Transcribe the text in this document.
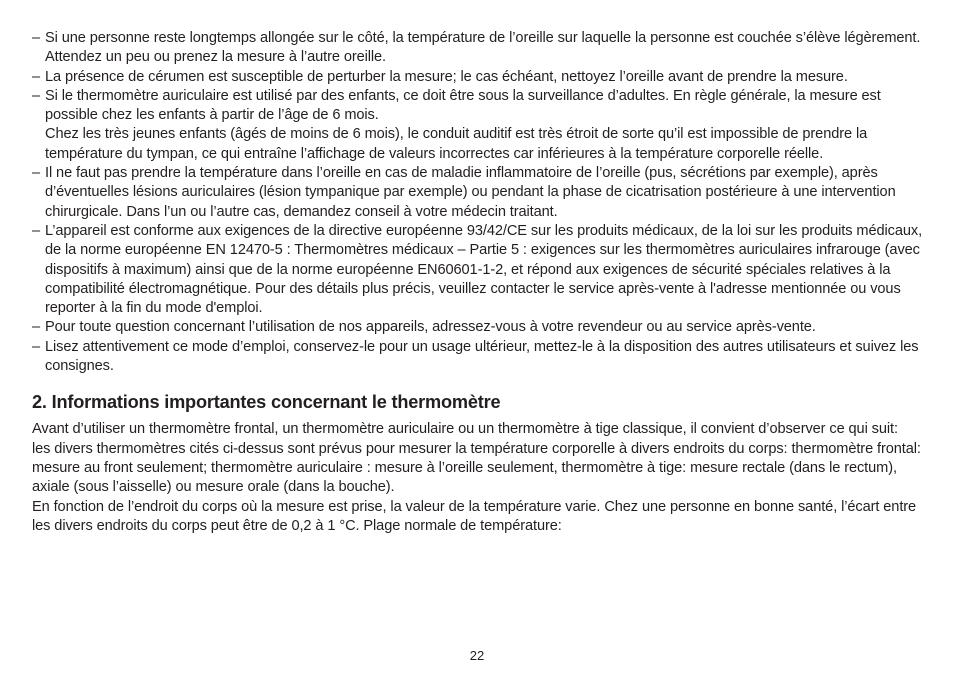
– Si une personne reste longtemps allongée sur le côté, la température de l’oreille sur laquelle la personne est couchée s’élève légèrement.

Attendez un peu ou prenez la mesure à l’autre oreille.

– La présence de cérumen est susceptible de perturber la mesure; le cas échéant, nettoyez l’oreille avant de prendre la mesure.

– Si le thermomètre auriculaire est utilisé par des enfants, ce doit être sous la surveillance d’adultes. En règle générale, la mesure est possible chez les enfants à partir de l’âge de 6 mois.

Chez les très jeunes enfants (âgés de moins de 6 mois), le conduit auditif est très étroit de sorte qu’il est impossible de prendre la température du tympan, ce qui entraîne l’affichage de valeurs incorrectes car inférieures à la température corporelle réelle.

– Il ne faut pas prendre la température dans l’oreille en cas de maladie inflammatoire de l’oreille (pus, sécrétions par exemple), après d’éventuelles lésions auriculaires (lésion tympanique par exemple) ou pendant la phase de cicatrisation postérieure à une intervention chirurgicale. Dans l’un ou l’autre cas, demandez conseil à votre médecin traitant.

– L’appareil est conforme aux exigences de la directive européenne 93/42/CE sur les produits médicaux, de la loi sur les produits médicaux, de la norme européenne EN 12470-5 : Thermomètres médicaux – Partie 5 : exigences sur les thermomètres auriculaires infrarouge (avec dispositifs à maximum) ainsi que de la norme européenne EN60601-1-2, et répond aux exigences de sécurité spéciales relatives à la compatibilité électromagnétique. Pour des détails plus précis, veuillez contacter le service après-vente à l'adresse mentionnée ou vous reporter à la fin du mode d'emploi.

– Pour toute question concernant l’utilisation de nos appareils, adressez-vous à votre revendeur ou au service après-vente.

– Lisez attentivement ce mode d’emploi, conservez-le pour un usage ultérieur, mettez-le à la disposition des autres utilisateurs et suivez les consignes.

2. Informations importantes concernant le thermomètre

Avant d’utiliser un thermomètre frontal, un thermomètre auriculaire ou un thermomètre à tige classique, il convient d’observer ce qui suit:

les divers thermomètres cités ci-dessus sont prévus pour mesurer la température corporelle à divers endroits du corps: thermomètre frontal: mesure au front seulement; thermomètre auriculaire : mesure à l’oreille seulement, thermomètre à tige: mesure rectale (dans le rectum), axiale (sous l’aisselle) ou mesure orale (dans la bouche).

En fonction de l’endroit du corps où la mesure est prise, la valeur de la température varie. Chez une personne en bonne santé, l’écart entre les divers endroits du corps peut être de 0,2 à 1 °C. Plage normale de température:

22
